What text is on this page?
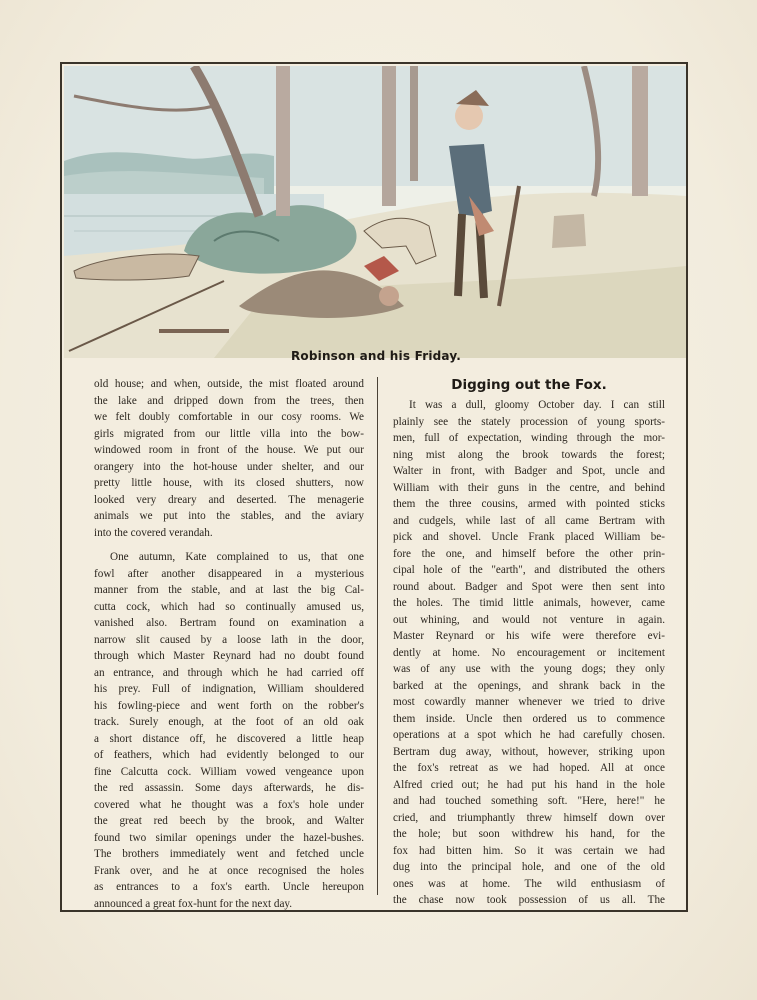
Robinson and his Friday.

old house; and when, outside, the mist floated around
the lake and dripped down from the trees, then
we felt doubly comfortable in our cosy rooms. We
girls migrated from our little villa into the bow-
windowed room in front of the house. We put our
orangery into the hot-house under shelter, and our
pretty little house, with its closed shutters, now
looked very dreary and deserted. The menagerie
animals we put into the stables, and the aviary
into the covered verandah.

One autumn, Kate complained to us, that one
fowl after another disappeared in a mysterious
manner from the stable, and at last the big Cal-
cutta cock, which had so continually amused us,
vanished also. Bertram found on examination a
narrow slit caused by a loose lath in the door,
through which Master Reynard had no doubt found
an entrance, and through which he had carried off
his prey. Full of indignation, William shouldered
his fowling-piece and went forth on the robber's
track. Surely enough, at the foot of an old oak
a short distance off, he discovered a little heap
of feathers, which had evidently belonged to our
fine Calcutta cock. William vowed vengeance upon
the red assassin. Some days afterwards, he dis-
covered what he thought was a fox's hole under
the great red beech by the brook, and Walter
found two similar openings under the hazel-bushes.
The brothers immediately went and fetched uncle
Frank over, and he at once recognised the holes
as entrances to a fox's earth. Uncle hereupon
announced a great fox-hunt for the next day.

Digging out the Fox.

It was a dull, gloomy October day. I can still
plainly see the stately procession of young sports-
men, full of expectation, winding through the mor-
ning mist along the brook towards the forest;
Walter in front, with Badger and Spot, uncle and
William with their guns in the centre, and behind
them the three cousins, armed with pointed sticks
and cudgels, while last of all came Bertram with
pick and shovel. Uncle Frank placed William be-
fore the one, and himself before the other prin-
cipal hole of the "earth", and distributed the others
round about. Badger and Spot were then sent into
the holes. The timid little animals, however, came
out whining, and would not venture in again.
Master Reynard or his wife were therefore evi-
dently at home. No encouragement or incitement
was of any use with the young dogs; they only
barked at the openings, and shrank back in the
most cowardly manner whenever we tried to drive
them inside. Uncle then ordered us to commence
operations at a spot which he had carefully chosen.
Bertram dug away, without, however, striking upon
the fox's retreat as we had hoped. All at once
Alfred cried out; he had put his hand in the hole
and had touched something soft. "Here, here!" he
cried, and triumphantly threw himself down over
the hole; but soon withdrew his hand, for the
fox had bitten him. So it was certain we had
dug into the principal hole, and one of the old
ones was at home. The wild enthusiasm of
the chase now took possession of us all. The
